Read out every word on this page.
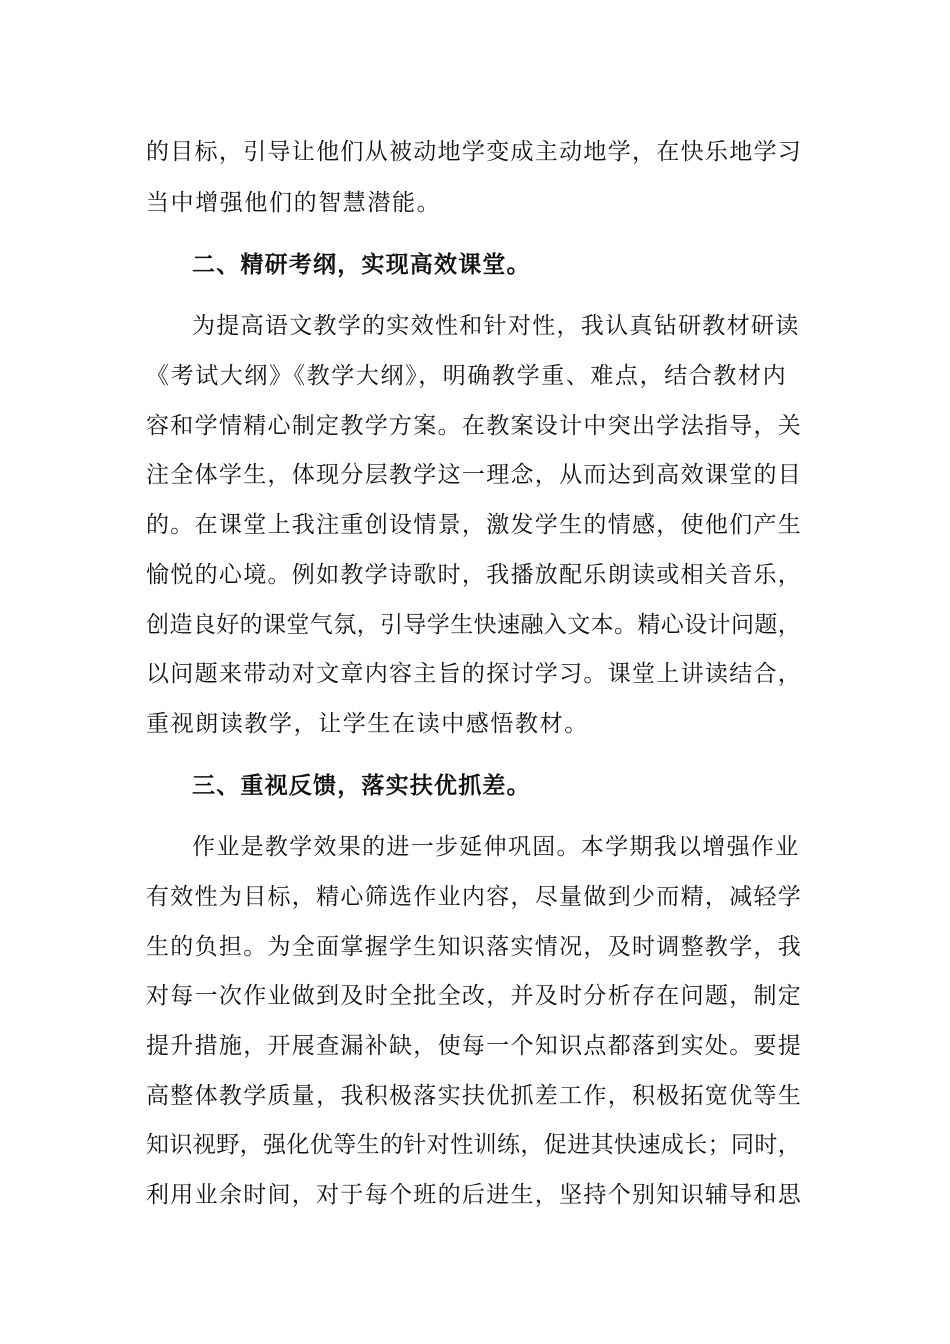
的目标，引导让他们从被动地学变成主动地学，在快乐地学习
当中增强他们的智慧潜能。
二、精研考纲，实现高效课堂。
为提高语文教学的实效性和针对性，我认真钻研教材研读
《考试大纲》《教学大纲》，明确教学重、难点，结合教材内
容和学情精心制定教学方案。在教案设计中突出学法指导，关
注全体学生，体现分层教学这一理念，从而达到高效课堂的目
的。在课堂上我注重创设情景，激发学生的情感，使他们产生
愉悦的心境。例如教学诗歌时，我播放配乐朗读或相关音乐，
创造良好的课堂气氛，引导学生快速融入文本。精心设计问题，
以问题来带动对文章内容主旨的探讨学习。课堂上讲读结合，
重视朗读教学，让学生在读中感悟教材。
三、重视反馈，落实扶优抓差。
作业是教学效果的进一步延伸巩固。本学期我以增强作业
有效性为目标，精心筛选作业内容，尽量做到少而精，减轻学
生的负担。为全面掌握学生知识落实情况，及时调整教学，我
对每一次作业做到及时全批全改，并及时分析存在问题，制定
提升措施，开展查漏补缺，使每一个知识点都落到实处。要提
高整体教学质量，我积极落实扶优抓差工作，积极拓宽优等生
知识视野，强化优等生的针对性训练，促进其快速成长；同时，
利用业余时间，对于每个班的后进生，坚持个别知识辅导和思
